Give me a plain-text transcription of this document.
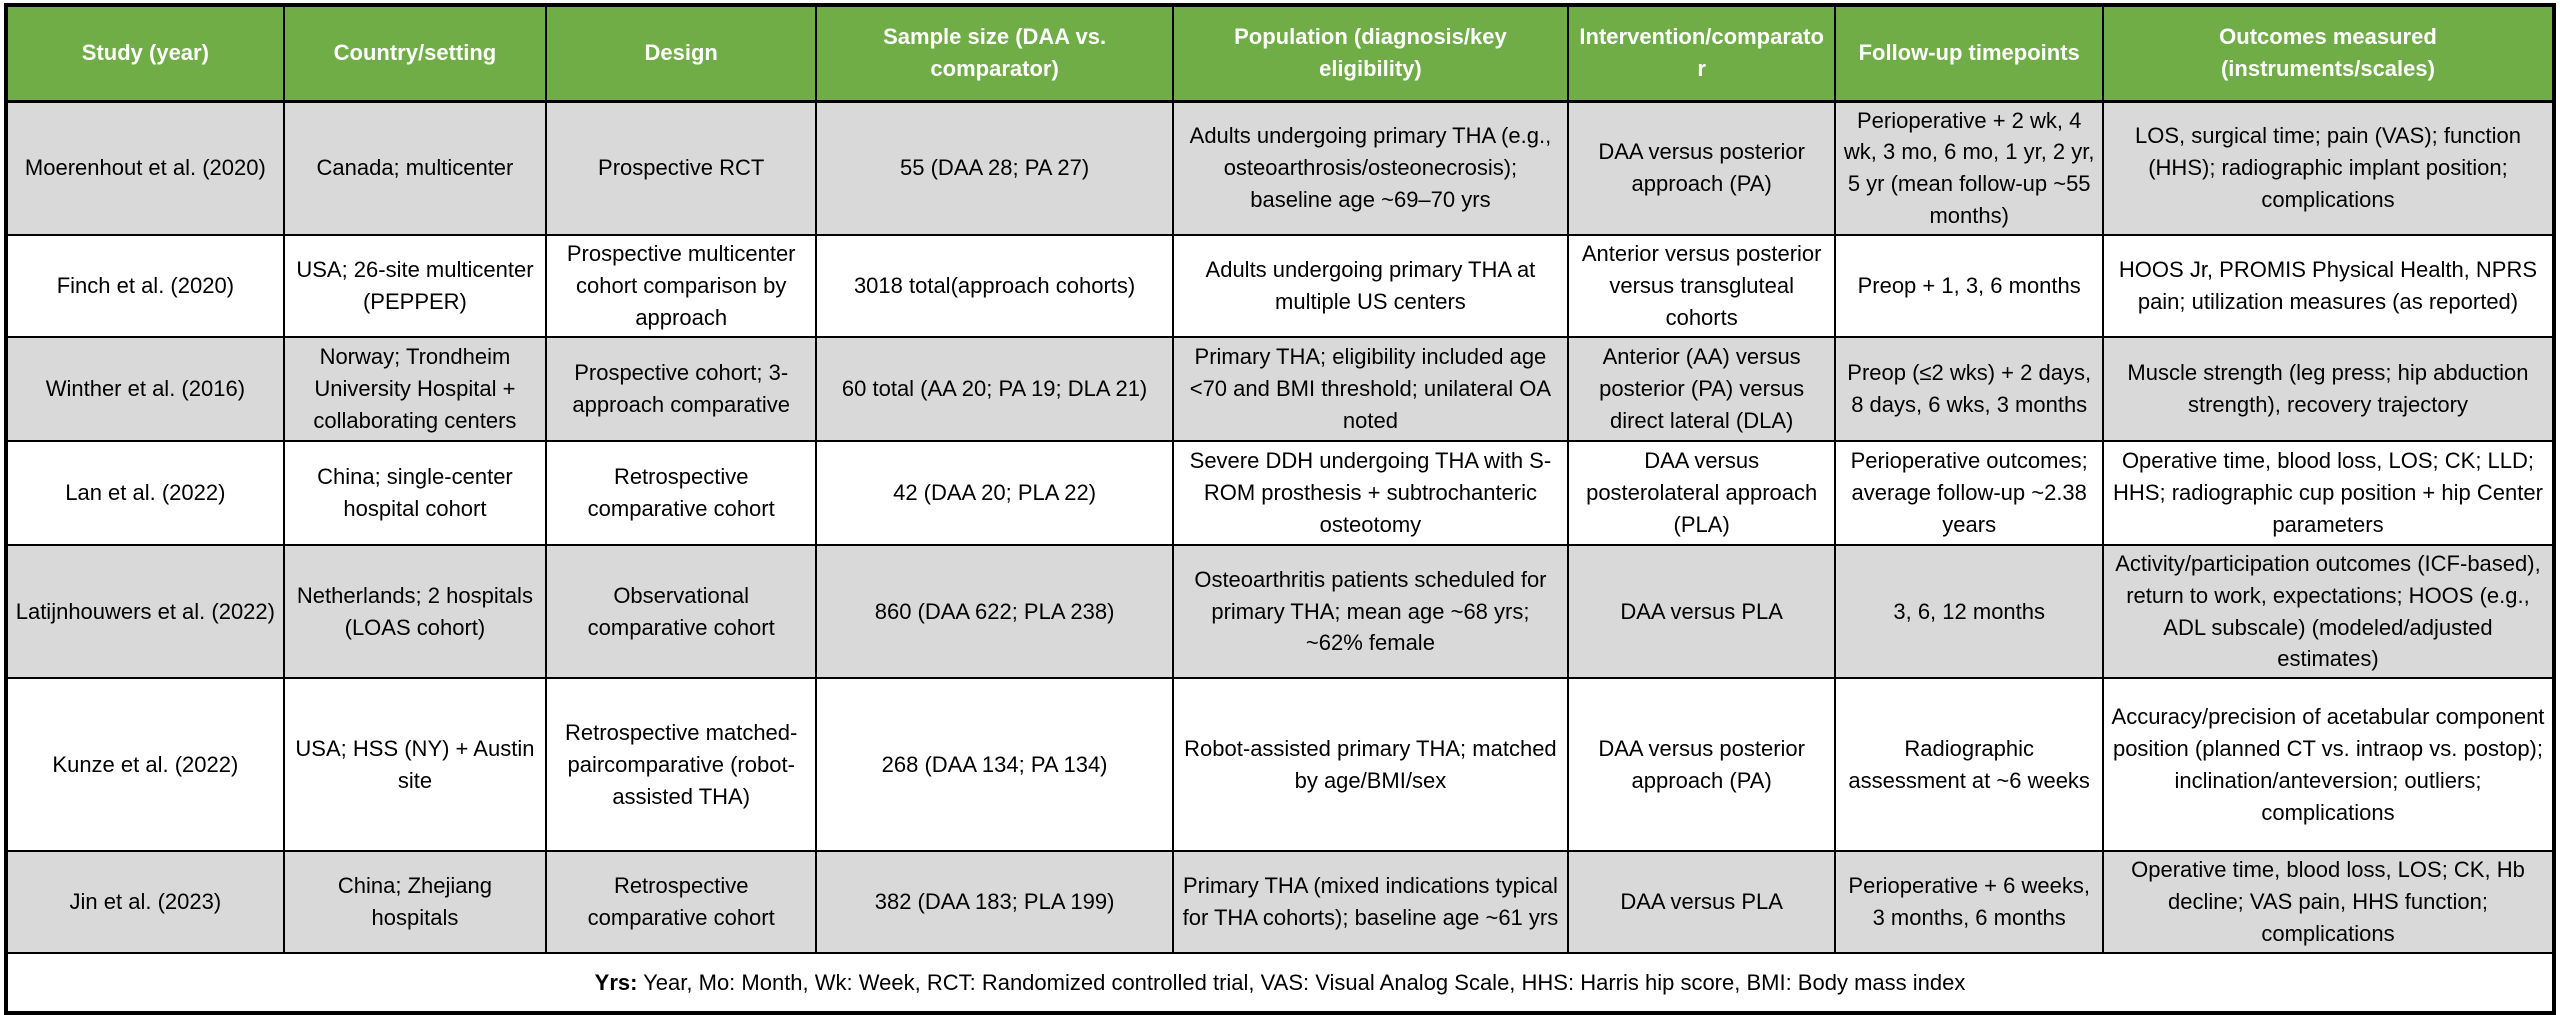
Study (year)	Country/setting	Design	Sample size (DAA vs. comparator)	Population (diagnosis/key eligibility)	Intervention/comparator	Follow-up timepoints	Outcomes measured (instruments/scales)
Moerenhout et al. (2020)	Canada; multicenter	Prospective RCT	55 (DAA 28; PA 27)	Adults undergoing primary THA (e.g., osteoarthrosis/osteonecrosis); baseline age ~69–70 yrs	DAA versus posterior approach (PA)	Perioperative + 2 wk, 4 wk, 3 mo, 6 mo, 1 yr, 2 yr, 5 yr (mean follow-up ~55 months)	LOS, surgical time; pain (VAS); function (HHS); radiographic implant position; complications
Finch et al. (2020)	USA; 26-site multicenter (PEPPER)	Prospective multicenter cohort comparison by approach	3018 total(approach cohorts)	Adults undergoing primary THA at multiple US centers	Anterior versus posterior versus transgluteal cohorts	Preop + 1, 3, 6 months	HOOS Jr, PROMIS Physical Health, NPRS pain; utilization measures (as reported)
Winther et al. (2016)	Norway; Trondheim University Hospital + collaborating centers	Prospective cohort; 3-approach comparative	60 total (AA 20; PA 19; DLA 21)	Primary THA; eligibility included age <70 and BMI threshold; unilateral OA noted	Anterior (AA) versus posterior (PA) versus direct lateral (DLA)	Preop (≤2 wks) + 2 days, 8 days, 6 wks, 3 months	Muscle strength (leg press; hip abduction strength), recovery trajectory
Lan et al. (2022)	China; single-center hospital cohort	Retrospective comparative cohort	42 (DAA 20; PLA 22)	Severe DDH undergoing THA with S-ROM prosthesis + subtrochanteric osteotomy	DAA versus posterolateral approach (PLA)	Perioperative outcomes; average follow-up ~2.38 years	Operative time, blood loss, LOS; CK; LLD; HHS; radiographic cup position + hip Center parameters
Latijnhouwers et al. (2022)	Netherlands; 2 hospitals (LOAS cohort)	Observational comparative cohort	860 (DAA 622; PLA 238)	Osteoarthritis patients scheduled for primary THA; mean age ~68 yrs; ~62% female	DAA versus PLA	3, 6, 12 months	Activity/participation outcomes (ICF-based), return to work, expectations; HOOS (e.g., ADL subscale) (modeled/adjusted estimates)
Kunze et al. (2022)	USA; HSS (NY) + Austin site	Retrospective matched-paircomparative (robot-assisted THA)	268 (DAA 134; PA 134)	Robot-assisted primary THA; matched by age/BMI/sex	DAA versus posterior approach (PA)	Radiographic assessment at ~6 weeks	Accuracy/precision of acetabular component position (planned CT vs. intraop vs. postop); inclination/anteversion; outliers; complications
Jin et al. (2023)	China; Zhejiang hospitals	Retrospective comparative cohort	382 (DAA 183; PLA 199)	Primary THA (mixed indications typical for THA cohorts); baseline age ~61 yrs	DAA versus PLA	Perioperative + 6 weeks, 3 months, 6 months	Operative time, blood loss, LOS; CK, Hb decline; VAS pain, HHS function; complications
Yrs: Year, Mo: Month, Wk: Week, RCT: Randomized controlled trial, VAS: Visual Analog Scale, HHS: Harris hip score, BMI: Body mass index							
